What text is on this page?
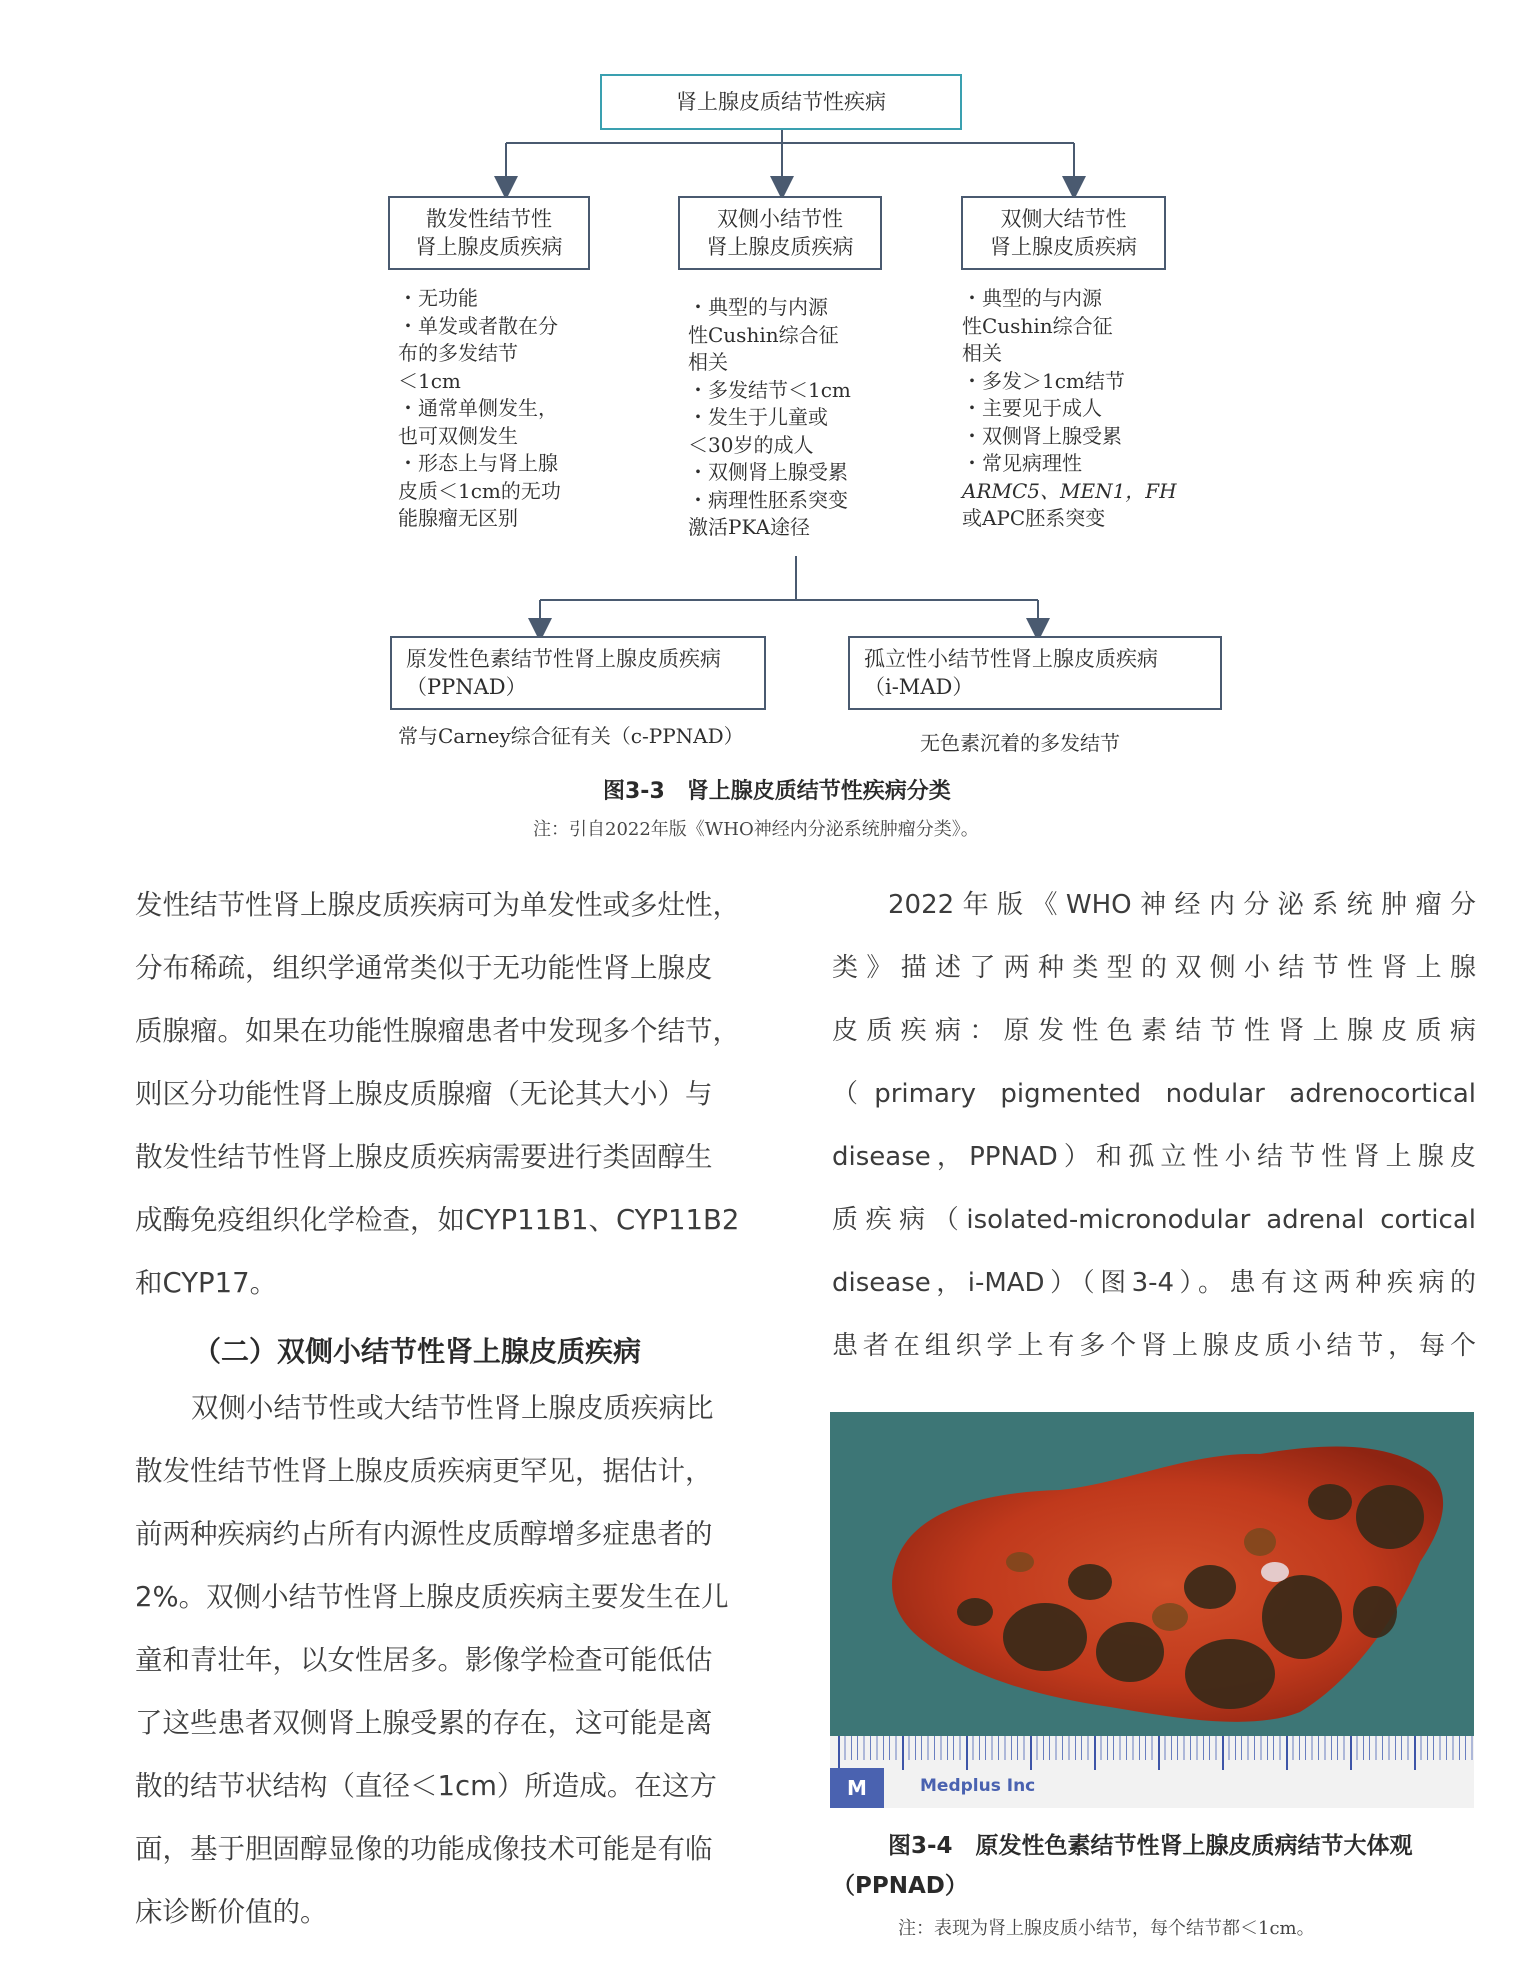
肾上腺皮质结节性疾病
散发性结节性
肾上腺皮质疾病
双侧小结节性
肾上腺皮质疾病
双侧大结节性
肾上腺皮质疾病
・无功能
・单发或者散在分
布的多发结节
＜1cm
・通常单侧发生，
也可双侧发生
・形态上与肾上腺
皮质＜1cm的无功
能腺瘤无区别
・典型的与内源
性Cushin综合征
相关
・多发结节＜1cm
・发生于儿童或
＜30岁的成人
・双侧肾上腺受累
・病理性胚系突变
激活PKA途径
・典型的与内源
性Cushin综合征
相关
・多发＞1cm结节
・主要见于成人
・双侧肾上腺受累
・常见病理性
ARMC5、MEN1，FH
或APC胚系突变
原发性色素结节性肾上腺皮质疾病
（PPNAD）
孤立性小结节性肾上腺皮质疾病
（i-MAD）
常与Carney综合征有关（c-PPNAD）	无色素沉着的多发结节
图3-3　肾上腺皮质结节性疾病分类
注：引自2022年版《WHO神经内分泌系统肿瘤分类》。
发性结节性肾上腺皮质疾病可为单发性或多灶性，
分布稀疏，组织学通常类似于无功能性肾上腺皮
质腺瘤。如果在功能性腺瘤患者中发现多个结节，
则区分功能性肾上腺皮质腺瘤（无论其大小）与
散发性结节性肾上腺皮质疾病需要进行类固醇生
成酶免疫组织化学检查，如CYP11B1、CYP11B2
和CYP17。
（二）双侧小结节性肾上腺皮质疾病
双侧小结节性或大结节性肾上腺皮质疾病比
散发性结节性肾上腺皮质疾病更罕见，据估计，
前两种疾病约占所有内源性皮质醇增多症患者的
2%。双侧小结节性肾上腺皮质疾病主要发生在儿
童和青壮年，以女性居多。影像学检查可能低估
了这些患者双侧肾上腺受累的存在，这可能是离
散的结节状结构（直径＜1cm）所造成。在这方
面，基于胆固醇显像的功能成像技术可能是有临
床诊断价值的。
2022年版《WHO神经内分泌系统肿瘤分
类》描述了两种类型的双侧小结节性肾上腺
皮质疾病：原发性色素结节性肾上腺皮质病
（primary pigmented nodular adrenocortical
disease，PPNAD）和孤立性小结节性肾上腺皮
质疾病（isolated-micronodular adrenal cortical
disease，i-MAD）（图3-4）。患有这两种疾病的
患者在组织学上有多个肾上腺皮质小结节，每个
M	Medplus Inc
图3-4　原发性色素结节性肾上腺皮质病结节大体观
（PPNAD）
注：表现为肾上腺皮质小结节，每个结节都＜1cm。
